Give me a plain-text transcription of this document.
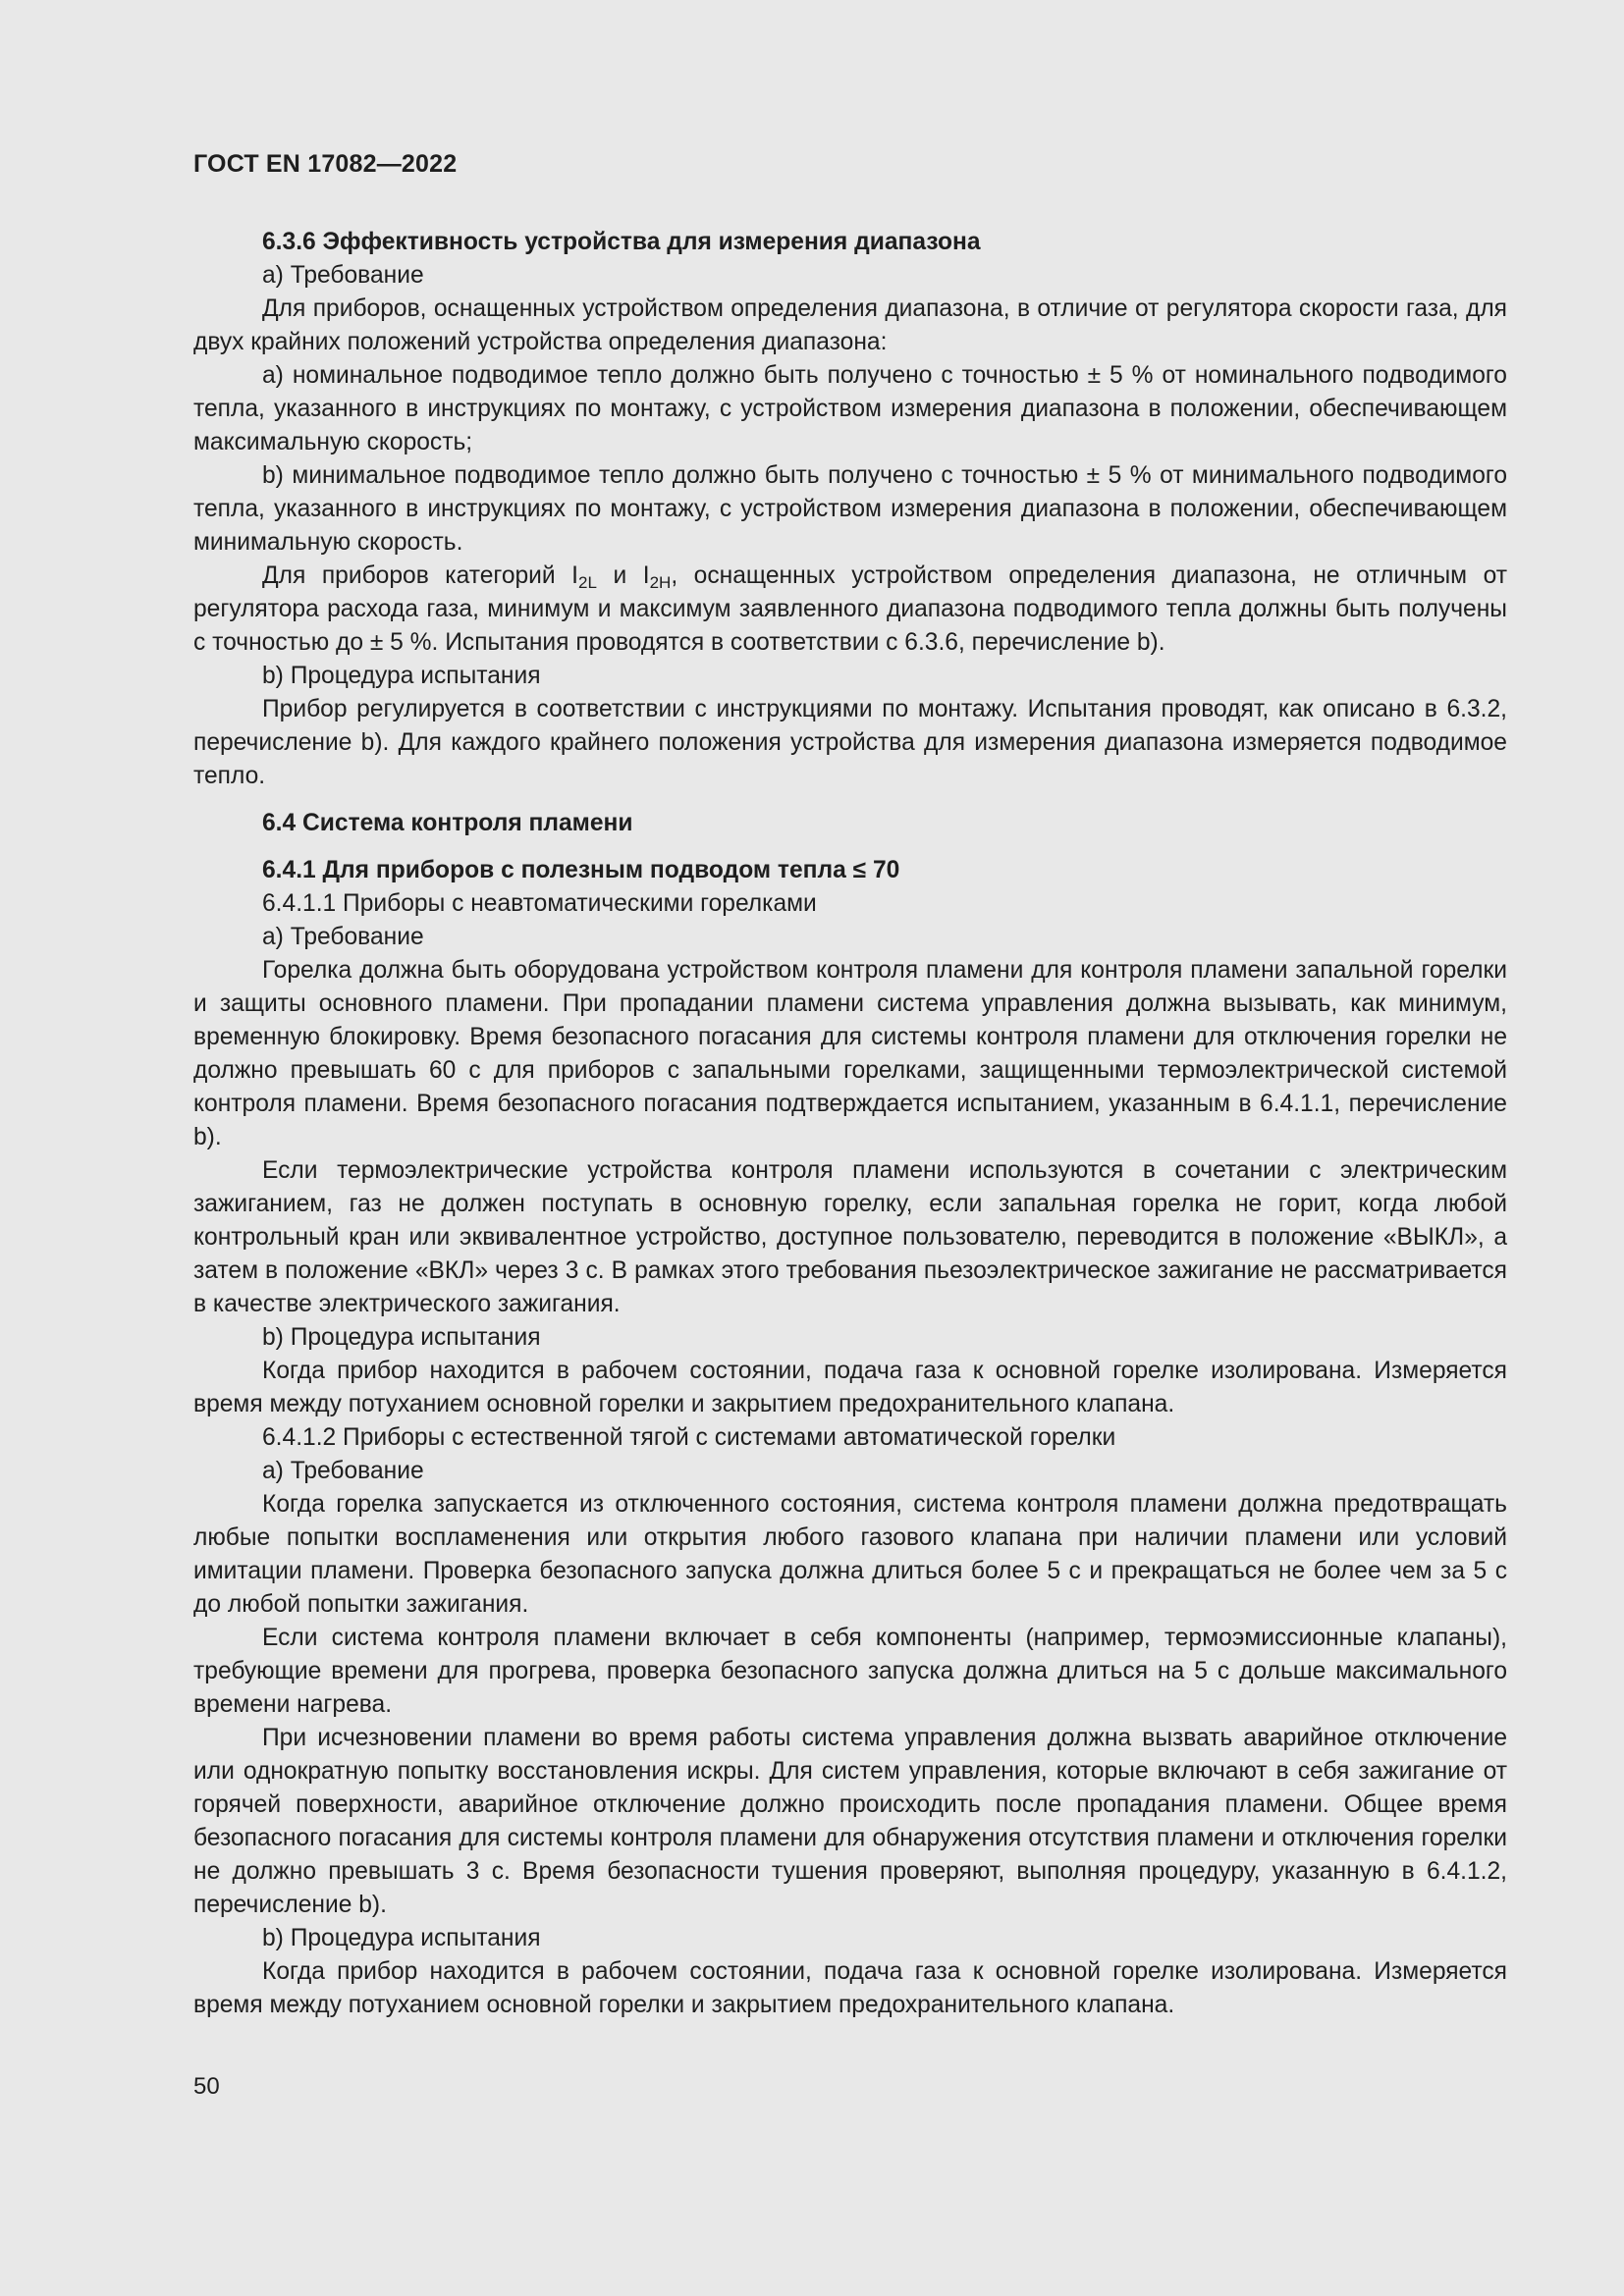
ГОСТ EN 17082—2022

6.3.6 Эффективность устройства для измерения диапазона

а) Требование

Для приборов, оснащенных устройством определения диапазона, в отличие от регулятора скорости газа, для двух крайних положений устройства определения диапазона:

a) номинальное подводимое тепло должно быть получено с точностью ± 5 % от номинального подводимого тепла, указанного в инструкциях по монтажу, с устройством измерения диапазона в положении, обеспечивающем максимальную скорость;

b) минимальное подводимое тепло должно быть получено с точностью ± 5 % от минимального подводимого тепла, указанного в инструкциях по монтажу, с устройством измерения диапазона в положении, обеспечивающем минимальную скорость.

Для приборов категорий $I_{2L}$ и $I_{2H}$, оснащенных устройством определения диапазона, не отличным от регулятора расхода газа, минимум и максимум заявленного диапазона подводимого тепла должны быть получены с точностью до ± 5 %. Испытания проводятся в соответствии с 6.3.6, перечисление b).

b) Процедура испытания

Прибор регулируется в соответствии с инструкциями по монтажу. Испытания проводят, как описано в 6.3.2, перечисление b). Для каждого крайнего положения устройства для измерения диапазона измеряется подводимое тепло.

6.4 Система контроля пламени

6.4.1 Для приборов с полезным подводом тепла ≤ 70

6.4.1.1 Приборы с неавтоматическими горелками

а) Требование

Горелка должна быть оборудована устройством контроля пламени для контроля пламени запальной горелки и защиты основного пламени. При пропадании пламени система управления должна вызывать, как минимум, временную блокировку. Время безопасного погасания для системы контроля пламени для отключения горелки не должно превышать 60 с для приборов с запальными горелками, защищенными термоэлектрической системой контроля пламени. Время безопасного погасания подтверждается испытанием, указанным в 6.4.1.1, перечисление b).

Если термоэлектрические устройства контроля пламени используются в сочетании с электрическим зажиганием, газ не должен поступать в основную горелку, если запальная горелка не горит, когда любой контрольный кран или эквивалентное устройство, доступное пользователю, переводится в положение «ВЫКЛ», а затем в положение «ВКЛ» через 3 с. В рамках этого требования пьезоэлектрическое зажигание не рассматривается в качестве электрического зажигания.

b) Процедура испытания

Когда прибор находится в рабочем состоянии, подача газа к основной горелке изолирована. Измеряется время между потуханием основной горелки и закрытием предохранительного клапана.

6.4.1.2 Приборы с естественной тягой с системами автоматической горелки

а) Требование

Когда горелка запускается из отключенного состояния, система контроля пламени должна предотвращать любые попытки воспламенения или открытия любого газового клапана при наличии пламени или условий имитации пламени. Проверка безопасного запуска должна длиться более 5 с и прекращаться не более чем за 5 с до любой попытки зажигания.

Если система контроля пламени включает в себя компоненты (например, термоэмиссионные клапаны), требующие времени для прогрева, проверка безопасного запуска должна длиться на 5 с дольше максимального времени нагрева.

При исчезновении пламени во время работы система управления должна вызвать аварийное отключение или однократную попытку восстановления искры. Для систем управления, которые включают в себя зажигание от горячей поверхности, аварийное отключение должно происходить после пропадания пламени. Общее время безопасного погасания для системы контроля пламени для обнаружения отсутствия пламени и отключения горелки не должно превышать 3 с. Время безопасности тушения проверяют, выполняя процедуру, указанную в 6.4.1.2, перечисление b).

b) Процедура испытания

Когда прибор находится в рабочем состоянии, подача газа к основной горелке изолирована. Измеряется время между потуханием основной горелки и закрытием предохранительного клапана.

50
